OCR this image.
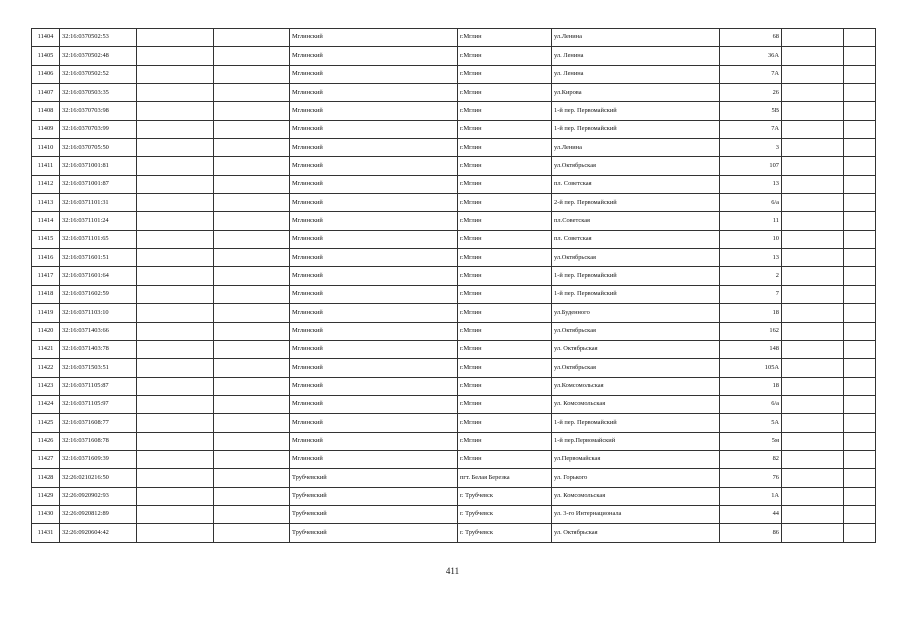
11404	32:16:0370502:53			Мглинский	г.Мглин	ул.Ленина	68		
11405	32:16:0370502:48			Мглинский	г.Мглин	ул. Ленина	36А		
11406	32:16:0370502:52			Мглинский	г.Мглин	ул. Ленина	7А		
11407	32:16:0370503:35			Мглинский	г.Мглин	ул.Кирова	26		
11408	32:16:0370703:98			Мглинский	г.Мглин	1-й пер. Первомайский	5В		
11409	32:16:0370703:99			Мглинский	г.Мглин	1-й пер. Первомайский	7А		
11410	32:16:0370705:50			Мглинский	г.Мглин	ул.Ленина	3		
11411	32:16:0371001:81			Мглинский	г.Мглин	ул.Октябрьская	107		
11412	32:16:0371001:87			Мглинский	г.Мглин	пл. Советская	13		
11413	32:16:0371101:31			Мглинский	г.Мглин	2-й пер. Первомайский	6/а		
11414	32:16:0371101:24			Мглинский	г.Мглин	пл.Советская	11		
11415	32:16:0371101:65			Мглинский	г.Мглин	пл. Советская	10		
11416	32:16:0371601:51			Мглинский	г.Мглин	ул.Октябрьская	13		
11417	32:16:0371601:64			Мглинский	г.Мглин	1-й пер. Первомайский	2		
11418	32:16:0371602:59			Мглинский	г.Мглин	1-й пер. Первомайский	7		
11419	32:16:0371103:10			Мглинский	г.Мглин	ул.Буденного	18		
11420	32:16:0371403:66			Мглинский	г.Мглин	ул.Октябрьская	162		
11421	32:16:0371403:78			Мглинский	г.Мглин	ул. Октябрьская	148		
11422	32:16:0371503:51			Мглинский	г.Мглин	ул.Октябрьская	105А		
11423	32:16:0371105:87			Мглинский	г.Мглин	ул.Комсомольская	18		
11424	32:16:0371105:97			Мглинский	г.Мглин	ул. Комсомольская	6/а		
11425	32:16:0371608:77			Мглинский	г.Мглин	1-й пер. Первомайский	5А		
11426	32:16:0371608:78			Мглинский	г.Мглин	1-й пер.Первомайский	5м		
11427	32:16:0371609:39			Мглинский	г.Мглин	ул.Первомайская	82		
11428	32:26:0210216:50			Трубчевский	пгт. Белая Березка	ул. Горького	76		
11429	32:26:0920902:93			Трубчевский	г. Трубчевск	ул. Комсомольская	1А		
11430	32:26:0920812:89			Трубчевский	г. Трубчевск	ул. 3-го Интернационала	44		
11431	32:26:0920604:42			Трубчевский	г. Трубчевск	ул. Октябрьская	86		
411
